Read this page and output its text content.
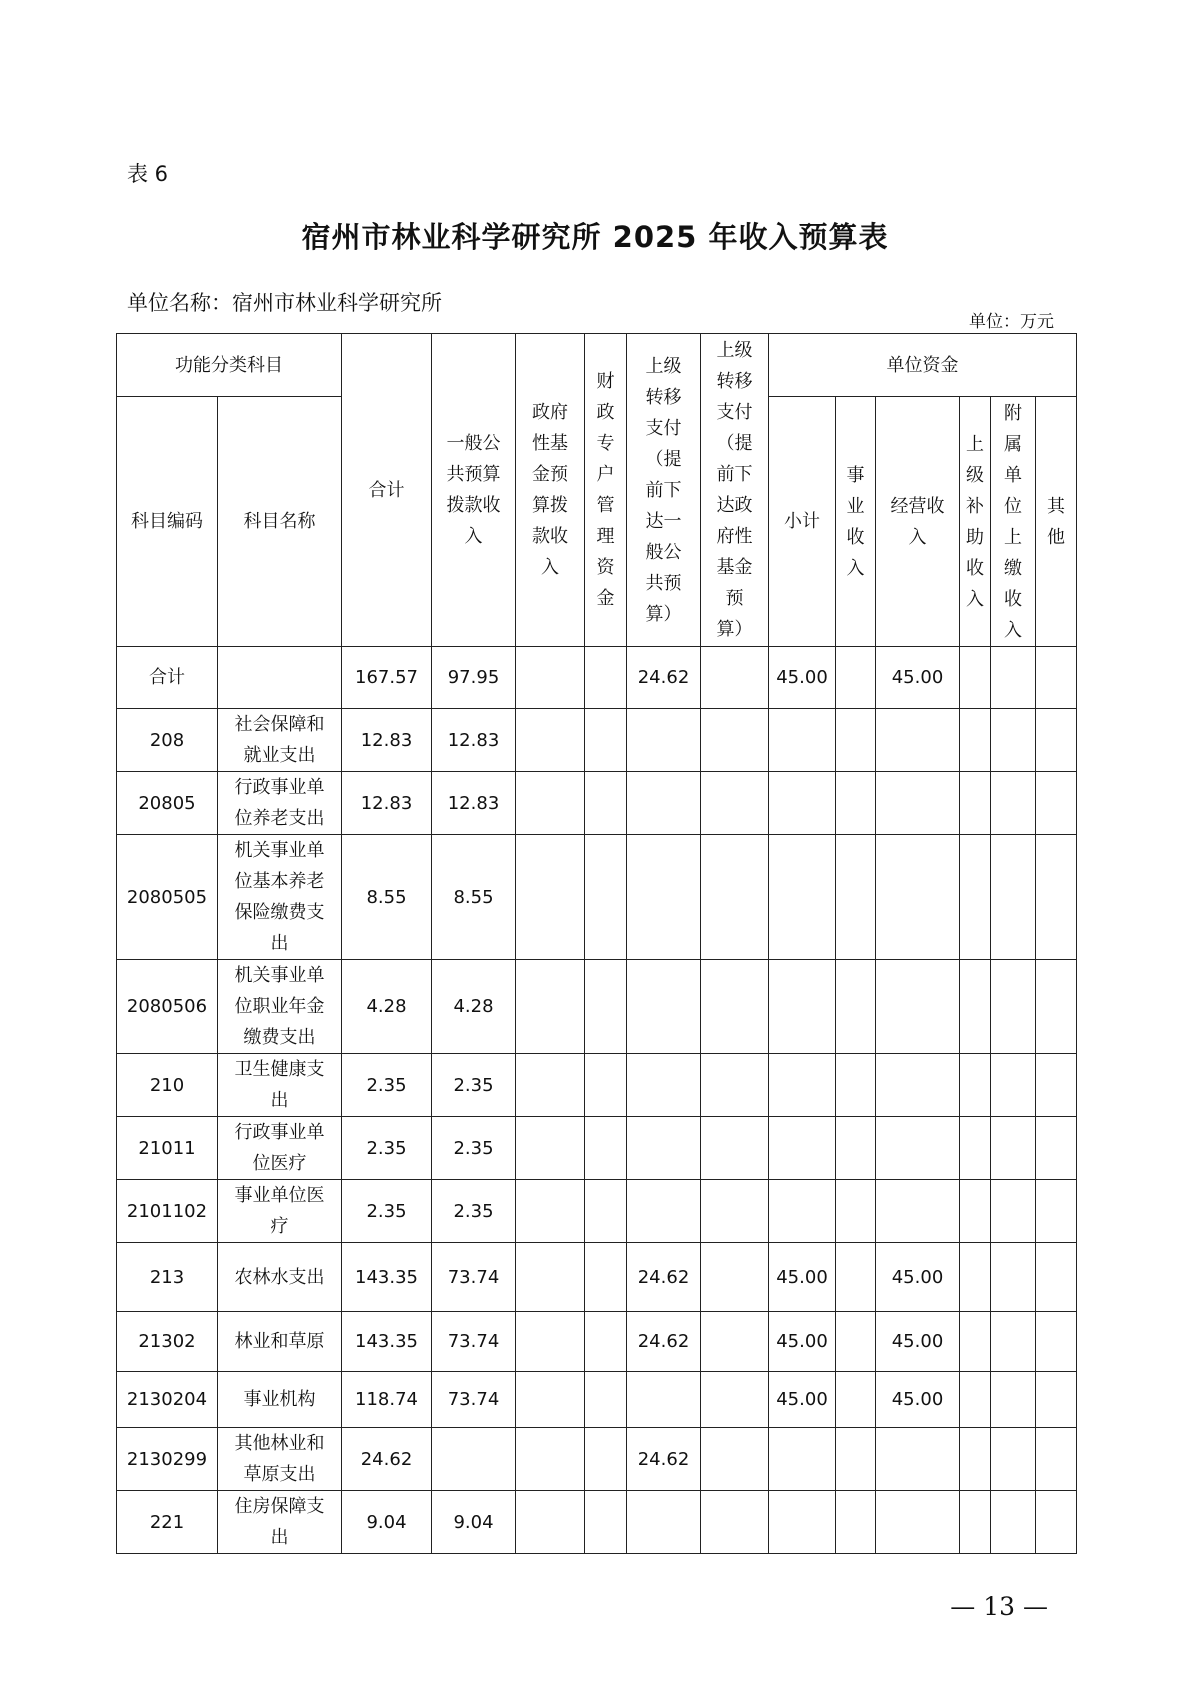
表 6
宿州市林业科学研究所 2025 年收入预算表
单位名称：宿州市林业科学研究所
单位：万元
功能分类科目		合计	一般公共预算拨款收入	政府性基金预算拨款收入	财政专户管理资金	上级转移支付（提前下达一般公共预算）	上级转移支付（提前下达政府性基金预算）	单位资金					
科目编码	科目名称							小计	事业收入	经营收入	上级补助收入	附属单位上缴收入	其他
合计		167.57	97.95			24.62		45.00		45.00			
208	社会保障和就业支出	12.83	12.83										
20805	行政事业单位养老支出	12.83	12.83										
2080505	机关事业单位基本养老保险缴费支出	8.55	8.55										
2080506	机关事业单位职业年金缴费支出	4.28	4.28										
210	卫生健康支出	2.35	2.35										
21011	行政事业单位医疗	2.35	2.35										
2101102	事业单位医疗	2.35	2.35										
213	农林水支出	143.35	73.74			24.62		45.00		45.00			
21302	林业和草原	143.35	73.74			24.62		45.00		45.00			
2130204	事业机构	118.74	73.74					45.00		45.00			
2130299	其他林业和草原支出	24.62				24.62							
221	住房保障支出	9.04	9.04										
— 13 —
